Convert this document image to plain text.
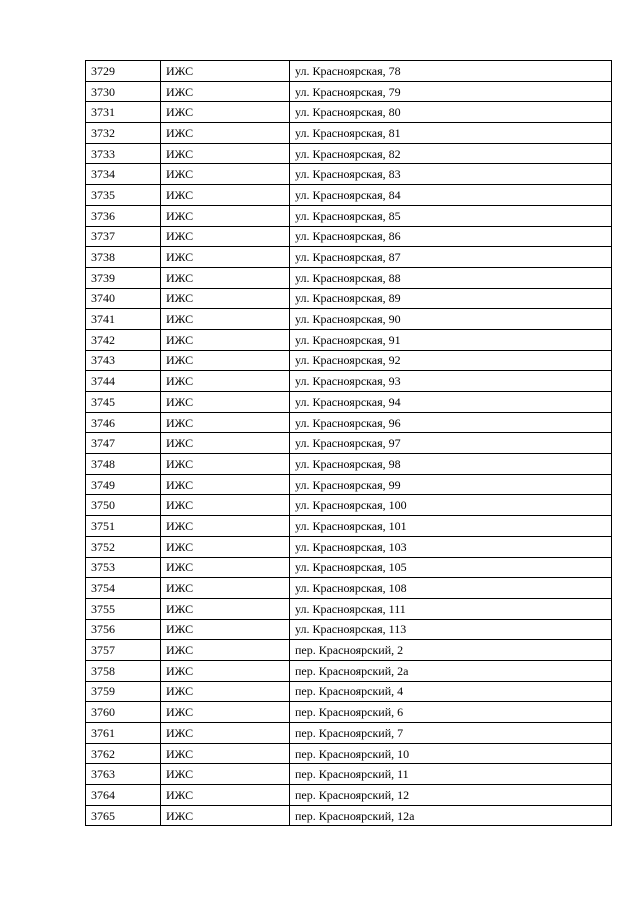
3729	ИЖС	ул. Красноярская, 78
3730	ИЖС	ул. Красноярская, 79
3731	ИЖС	ул. Красноярская, 80
3732	ИЖС	ул. Красноярская, 81
3733	ИЖС	ул. Красноярская, 82
3734	ИЖС	ул. Красноярская, 83
3735	ИЖС	ул. Красноярская, 84
3736	ИЖС	ул. Красноярская, 85
3737	ИЖС	ул. Красноярская, 86
3738	ИЖС	ул. Красноярская, 87
3739	ИЖС	ул. Красноярская, 88
3740	ИЖС	ул. Красноярская, 89
3741	ИЖС	ул. Красноярская, 90
3742	ИЖС	ул. Красноярская, 91
3743	ИЖС	ул. Красноярская, 92
3744	ИЖС	ул. Красноярская, 93
3745	ИЖС	ул. Красноярская, 94
3746	ИЖС	ул. Красноярская, 96
3747	ИЖС	ул. Красноярская, 97
3748	ИЖС	ул. Красноярская, 98
3749	ИЖС	ул. Красноярская, 99
3750	ИЖС	ул. Красноярская, 100
3751	ИЖС	ул. Красноярская, 101
3752	ИЖС	ул. Красноярская, 103
3753	ИЖС	ул. Красноярская, 105
3754	ИЖС	ул. Красноярская, 108
3755	ИЖС	ул. Красноярская, 111
3756	ИЖС	ул. Красноярская, 113
3757	ИЖС	пер. Красноярский, 2
3758	ИЖС	пер. Красноярский, 2а
3759	ИЖС	пер. Красноярский, 4
3760	ИЖС	пер. Красноярский, 6
3761	ИЖС	пер. Красноярский, 7
3762	ИЖС	пер. Красноярский, 10
3763	ИЖС	пер. Красноярский, 11
3764	ИЖС	пер. Красноярский, 12
3765	ИЖС	пер. Красноярский, 12а
